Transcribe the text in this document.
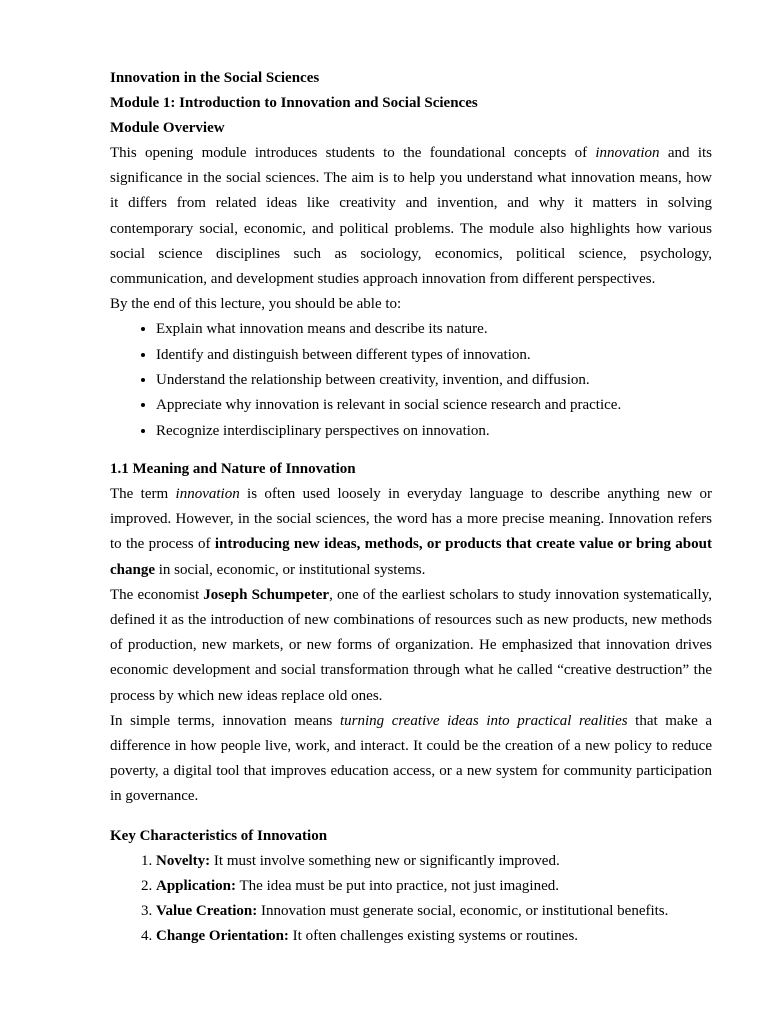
Innovation in the Social Sciences
Module 1: Introduction to Innovation and Social Sciences
Module Overview

This opening module introduces students to the foundational concepts of innovation and its significance in the social sciences. The aim is to help you understand what innovation means, how it differs from related ideas like creativity and invention, and why it matters in solving contemporary social, economic, and political problems. The module also highlights how various social science disciplines such as sociology, economics, political science, psychology, communication, and development studies approach innovation from different perspectives.

By the end of this lecture, you should be able to:

• Explain what innovation means and describe its nature.
• Identify and distinguish between different types of innovation.
• Understand the relationship between creativity, invention, and diffusion.
• Appreciate why innovation is relevant in social science research and practice.
• Recognize interdisciplinary perspectives on innovation.
1.1 Meaning and Nature of Innovation

The term innovation is often used loosely in everyday language to describe anything new or improved. However, in the social sciences, the word has a more precise meaning. Innovation refers to the process of introducing new ideas, methods, or products that create value or bring about change in social, economic, or institutional systems.

The economist Joseph Schumpeter, one of the earliest scholars to study innovation systematically, defined it as the introduction of new combinations of resources such as new products, new methods of production, new markets, or new forms of organization. He emphasized that innovation drives economic development and social transformation through what he called “creative destruction” the process by which new ideas replace old ones.

In simple terms, innovation means turning creative ideas into practical realities that make a difference in how people live, work, and interact. It could be the creation of a new policy to reduce poverty, a digital tool that improves education access, or a new system for community participation in governance.

Key Characteristics of Innovation
1. Novelty: It must involve something new or significantly improved.
2. Application: The idea must be put into practice, not just imagined.
3. Value Creation: Innovation must generate social, economic, or institutional benefits.
4. Change Orientation: It often challenges existing systems or routines.
